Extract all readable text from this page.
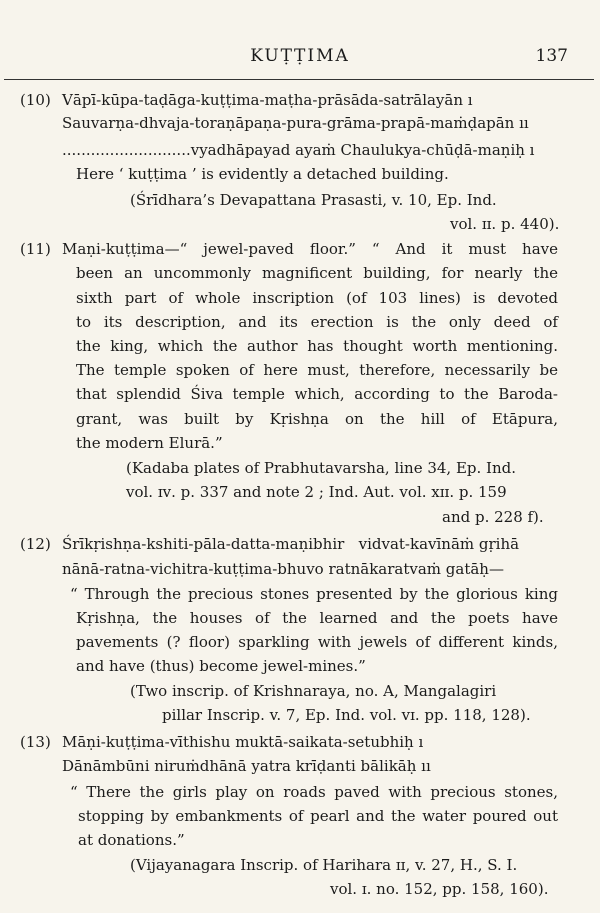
KUṬṬIMA	137
(10) Vāpī-kūpa-taḍāga-kuṭṭima-maṭha-prāsāda-satrālayān ı
Sauvarṇa-dhvaja-toraṇāpaṇa-pura-grāma-prapā-maṁḍapān ıı
...........................vyadhāpayad ayaṁ Chaulukya-chūḍā-maṇiḥ ı
Here ‘ kuṭṭima ’ is evidently a detached building.
(Śrīdhara’s Devapattana Prasasti, v. 10, Ep. Ind.
vol. ɪɪ. p. 440).
(11) Maṇi-kuṭṭima—“ jewel-paved floor.” “ And it must have
been an uncommonly magnificent building, for nearly the
sixth part of whole inscription (of 103 lines) is devoted
to its description, and its erection is the only deed of
the king, which the author has thought worth mentioning.
The temple spoken of here must, therefore, necessarily be
that splendid Śiva temple which, according to the Baroda-
grant, was built by Kṛishṇa on the hill of Etāpura,
the modern Elurā.”
(Kadaba plates of Prabhutavarsha, line 34, Ep. Ind.
vol. ɪᴠ. p. 337 and note 2 ; Ind. Aut. vol. xɪɪ. p. 159
and p. 228 f).
(12) Śrīkṛishṇa-kshiti-pāla-datta-maṇibhir   vidvat-kavīnāṁ gṛihā
nānā-ratna-vichitra-kuṭṭima-bhuvo ratnākaratvaṁ gatāḥ—
“ Through the precious stones presented by the glorious king
Kṛishṇa, the houses of the learned and the poets have
pavements (? floor) sparkling with jewels of different kinds,
and have (thus) become jewel-mines.”
(Two inscrip. of Krishnaraya, no. A, Mangalagiri
pillar Inscrip. v. 7, Ep. Ind. vol. ᴠɪ. pp. 118, 128).
(13) Māṇi-kuṭṭima-vīthishu muktā-saikata-setubhiḥ ı
Dānāmbūni niruṁdhānā yatra krīḍanti bālikāḥ ıı
“ There the girls play on roads paved with precious stones,
stopping by embankments of pearl and the water poured out
at donations.”
(Vijayanagara Inscrip. of Harihara ɪɪ, v. 27, H., S. I.
vol. ɪ. no. 152, pp. 158, 160).
